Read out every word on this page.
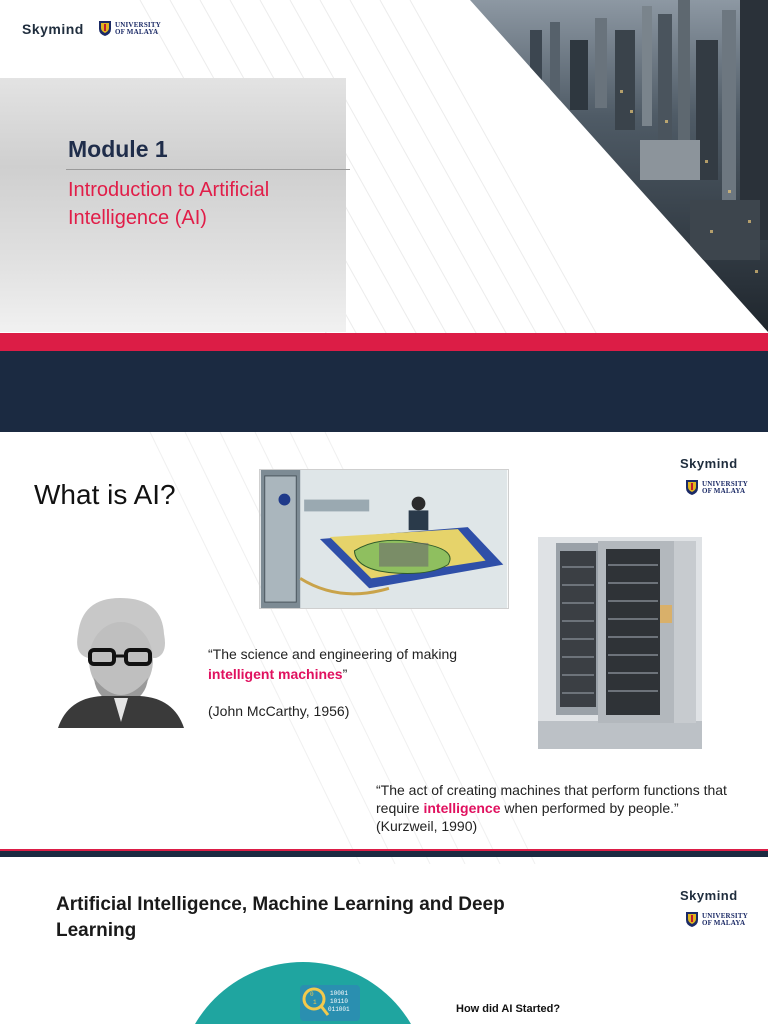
Skymind	UNIVERSITY
OF MALAYA
Module 1
Introduction to Artificial Intelligence (AI)
Skymind
UNIVERSITY
OF MALAYA
What is AI?
“The science and engineering of making intelligent machines”
(John McCarthy, 1956)
“The act of creating machines that perform functions that require intelligence when performed by people.” (Kurzweil, 1990)
Skymind
UNIVERSITY
OF MALAYA
Artificial Intelligence, Machine Learning and Deep Learning
0
1
10001
10110
011001	How did AI Started?
